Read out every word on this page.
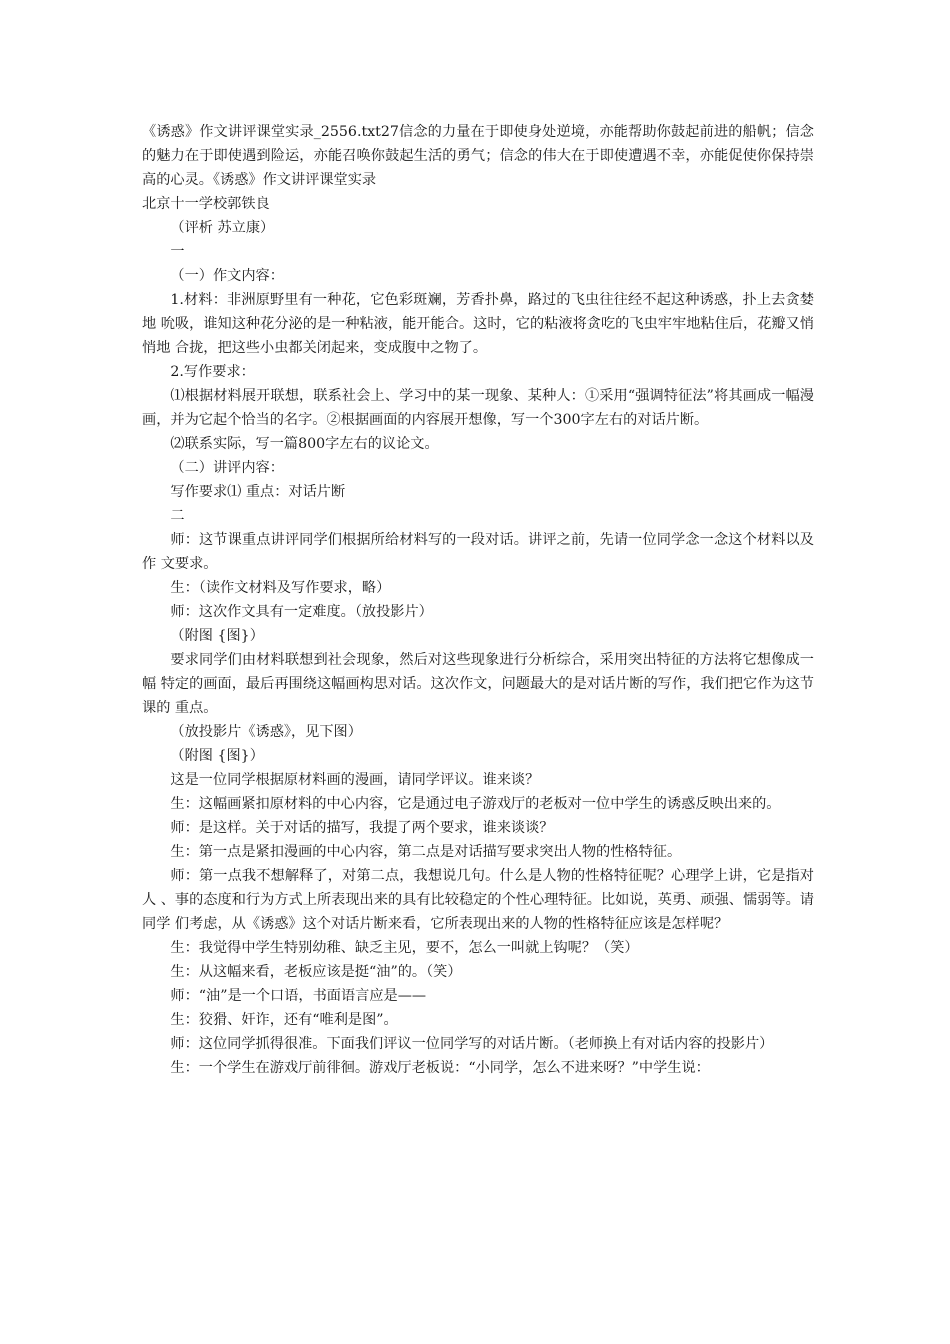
《诱惑》作文讲评课堂实录_2556.txt27信念的力量在于即使身处逆境，亦能帮助你鼓起前进的船帆；信念的魅力在于即使遇到险运，亦能召唤你鼓起生活的勇气；信念的伟大在于即使遭遇不幸，亦能促使你保持崇高的心灵。《诱惑》作文讲评课堂实录

北京十一学校郭铁良

（评析 苏立康）

一

（一）作文内容：

1.材料：非洲原野里有一种花，它色彩斑斓，芳香扑鼻，路过的飞虫往往经不起这种诱惑，扑上去贪婪地 吮吸，谁知这种花分泌的是一种粘液，能开能合。这时，它的粘液将贪吃的飞虫牢牢地粘住后，花瓣又悄悄地 合拢，把这些小虫都关闭起来，变成腹中之物了。

2.写作要求：

⑴根据材料展开联想，联系社会上、学习中的某一现象、某种人：①采用“强调特征法”将其画成一幅漫 画，并为它起个恰当的名字。②根据画面的内容展开想像，写一个300字左右的对话片断。

⑵联系实际，写一篇800字左右的议论文。

（二）讲评内容：

写作要求⑴ 重点：对话片断

二

师：这节课重点讲评同学们根据所给材料写的一段对话。讲评之前，先请一位同学念一念这个材料以及作 文要求。

生：（读作文材料及写作要求，略）

师：这次作文具有一定难度。（放投影片）

（附图 {图}）

要求同学们由材料联想到社会现象，然后对这些现象进行分析综合，采用突出特征的方法将它想像成一幅 特定的画面，最后再围绕这幅画构思对话。这次作文，问题最大的是对话片断的写作，我们把它作为这节课的 重点。

（放投影片《诱惑》，见下图）

（附图 {图}）

这是一位同学根据原材料画的漫画，请同学评议。谁来谈？

生：这幅画紧扣原材料的中心内容，它是通过电子游戏厅的老板对一位中学生的诱惑反映出来的。

师：是这样。关于对话的描写，我提了两个要求，谁来谈谈？

生：第一点是紧扣漫画的中心内容，第二点是对话描写要求突出人物的性格特征。

师：第一点我不想解释了，对第二点，我想说几句。什么是人物的性格特征呢？心理学上讲，它是指对人 、事的态度和行为方式上所表现出来的具有比较稳定的个性心理特征。比如说，英勇、顽强、懦弱等。请同学 们考虑，从《诱惑》这个对话片断来看，它所表现出来的人物的性格特征应该是怎样呢？

生：我觉得中学生特别幼稚、缺乏主见，要不，怎么一叫就上钩呢？（笑）

生：从这幅来看，老板应该是挺“油”的。（笑）

师：“油”是一个口语，书面语言应是——

生：狡猾、奸诈，还有“唯利是图”。

师：这位同学抓得很准。下面我们评议一位同学写的对话片断。（老师换上有对话内容的投影片）

生：一个学生在游戏厅前徘徊。游戏厅老板说：“小同学，怎么不进来呀？”中学生说：
